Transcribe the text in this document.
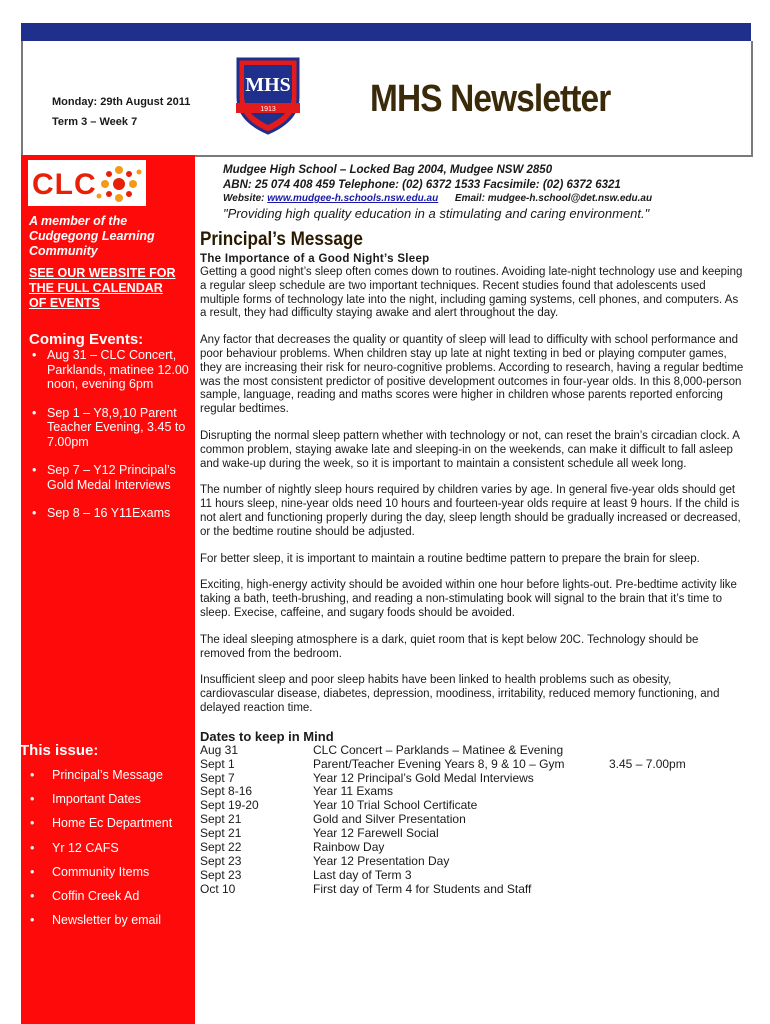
Monday: 29th August 2011
Term 3 – Week 7
MHS
1913 MHS Newsletter
CLC
A member of the Cudgegong Learning Community
SEE OUR WEBSITE FOR THE FULL CALENDAR OF EVENTS
Coming Events:
• Aug 31 – CLC Concert, Parklands, matinee 12.00 noon, evening 6pm
• Sep 1 – Y8,9,10 Parent Teacher Evening, 3.45 to 7.00pm
• Sep 7 – Y12 Principal’s Gold Medal Interviews
• Sep 8 – 16 Y11Exams
This issue:
• Principal’s Message
• Important Dates
• Home Ec Department
• Yr 12 CAFS
• Community Items
• Coffin Creek Ad
• Newsletter by email
Mudgee High School – Locked Bag 2004, Mudgee NSW 2850
ABN: 25 074 408 459 Telephone: (02) 6372 1533 Facsimile: (02) 6372 6321
Website: www.mudgee-h.schools.nsw.edu.au Email: mudgee-h.school@det.nsw.edu.au
"Providing high quality education in a stimulating and caring environment."
Principal’s Message
The Importance of a Good Night’s Sleep

Getting a good night’s sleep often comes down to routines. Avoiding late-night technology use and keeping a regular sleep schedule are two important techniques. Recent studies found that adolescents used multiple forms of technology late into the night, including gaming systems, cell phones, and computers. As a result, they had difficulty staying awake and alert throughout the day.

Any factor that decreases the quality or quantity of sleep will lead to difficulty with school performance and poor behaviour problems. When children stay up late at night texting in bed or playing computer games, they are increasing their risk for neuro-cognitive problems. According to research, having a regular bedtime was the most consistent predictor of positive development outcomes in four-year olds. In this 8,000-person sample, language, reading and maths scores were higher in children whose parents reported enforcing regular bedtimes.

Disrupting the normal sleep pattern whether with technology or not, can reset the brain’s circadian clock. A common problem, staying awake late and sleeping-in on the weekends, can make it difficult to fall asleep and wake-up during the week, so it is important to maintain a consistent schedule all week long.

The number of nightly sleep hours required by children varies by age. In general five-year olds should get 11 hours sleep, nine-year olds need 10 hours and fourteen-year olds require at least 9 hours. If the child is not alert and functioning properly during the day, sleep length should be gradually increased or decreased, or the bedtime routine should be adjusted.

For better sleep, it is important to maintain a routine bedtime pattern to prepare the brain for sleep.

Exciting, high-energy activity should be avoided within one hour before lights-out. Pre-bedtime activity like taking a bath, teeth-brushing, and reading a non-stimulating book will signal to the brain that it’s time to sleep. Execise, caffeine, and sugary foods should be avoided.

The ideal sleeping atmosphere is a dark, quiet room that is kept below 20C. Technology should be removed from the bedroom.

Insufficient sleep and poor sleep habits have been linked to health problems such as obesity, cardiovascular disease, diabetes, depression, moodiness, irritability, reduced memory functioning, and delayed reaction time.

Dates to keep in Mind
Aug 31	CLC Concert – Parklands – Matinee & Evening	
Sept 1	Parent/Teacher Evening Years 8, 9 & 10 – Gym	3.45 – 7.00pm
Sept 7	Year 12 Principal’s Gold Medal Interviews	
Sept 8-16	Year 11 Exams	
Sept 19-20	Year 10 Trial School Certificate	
Sept 21	Gold and Silver Presentation	
Sept 21	Year 12 Farewell Social	
Sept 22	Rainbow Day	
Sept 23	Year 12 Presentation Day	
Sept 23	Last day of Term 3	
Oct 10	First day of Term 4 for Students and Staff	
